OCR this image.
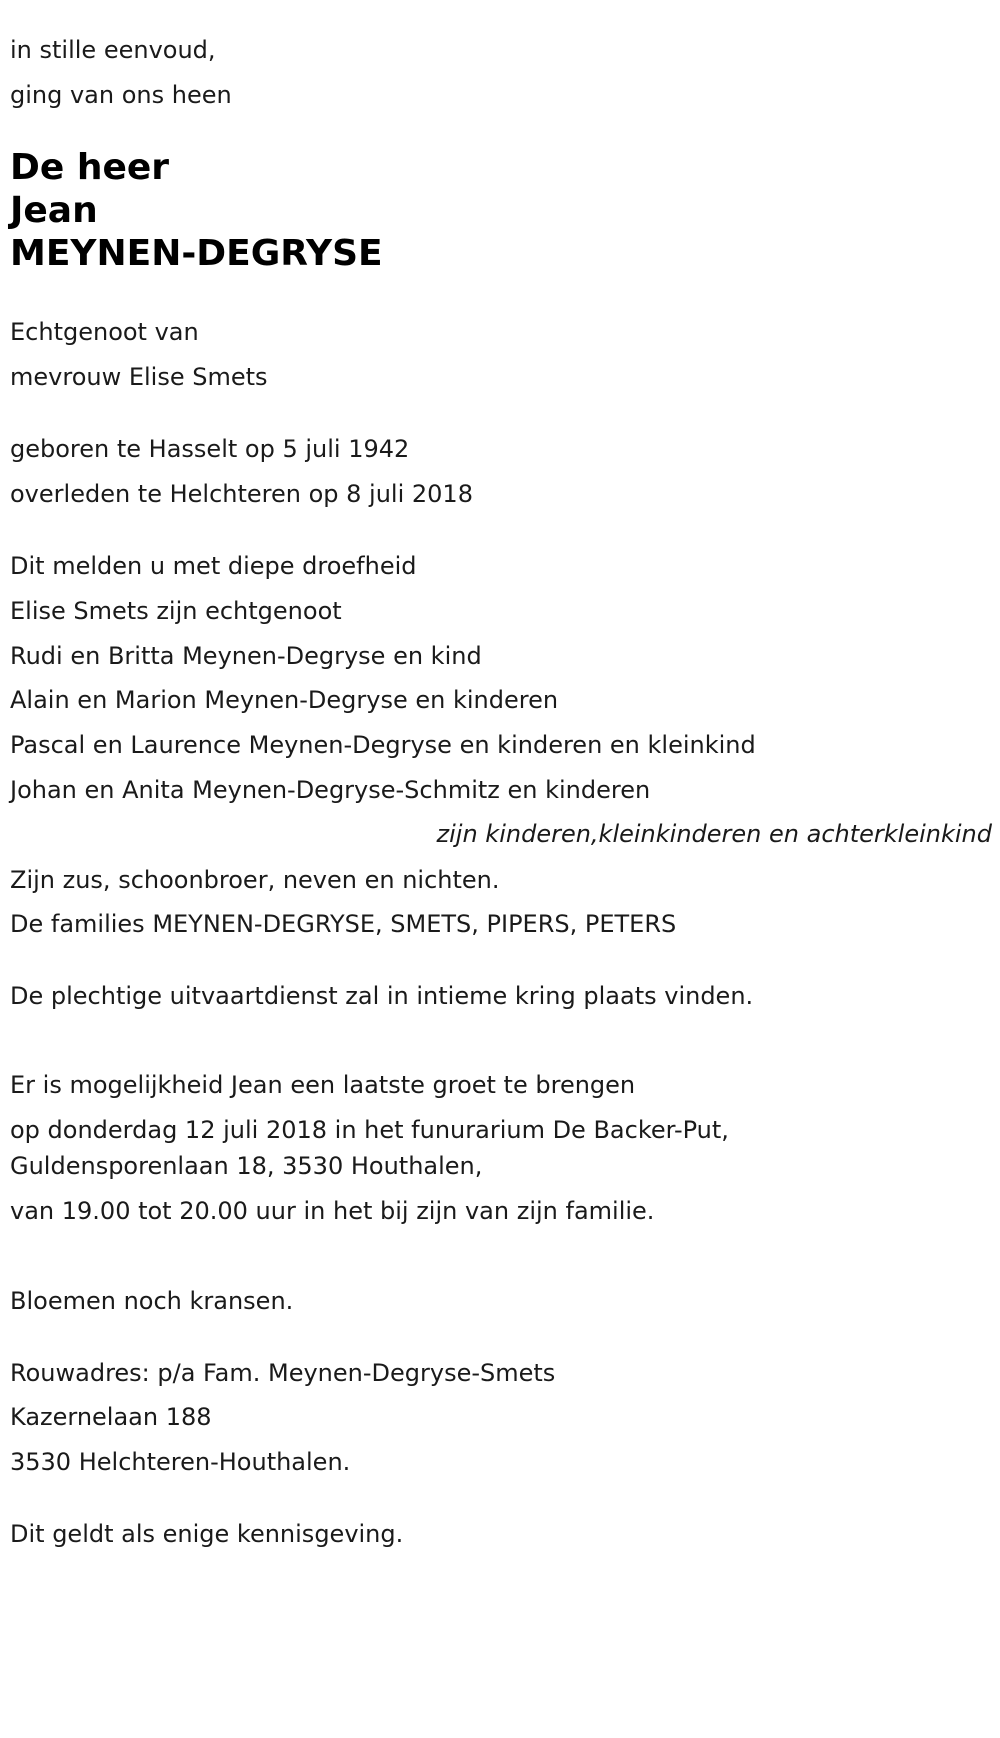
in stille eenvoud,
ging van ons heen
De heer
Jean
MEYNEN-DEGRYSE
Echtgenoot van
mevrouw Elise Smets
geboren te Hasselt op 5 juli 1942
overleden te Helchteren op 8 juli 2018
Dit melden u met diepe droefheid
Elise Smets zijn echtgenoot
Rudi en Britta Meynen-Degryse en kind
Alain en Marion Meynen-Degryse en kinderen
Pascal en Laurence Meynen-Degryse en kinderen en kleinkind
Johan en Anita Meynen-Degryse-Schmitz en kinderen
zijn kinderen,kleinkinderen en achterkleinkind
Zijn zus, schoonbroer, neven en nichten.
De families MEYNEN-DEGRYSE, SMETS, PIPERS, PETERS
De plechtige uitvaartdienst zal in intieme kring plaats vinden.
Er is mogelijkheid Jean een laatste groet te brengen
op donderdag 12 juli 2018 in het funurarium De Backer-Put,
Guldensporenlaan 18, 3530 Houthalen,
van 19.00 tot 20.00 uur in het bij zijn van zijn familie.
Bloemen noch kransen.
Rouwadres: p/a Fam. Meynen-Degryse-Smets
Kazernelaan 188
3530 Helchteren-Houthalen.
Dit geldt als enige kennisgeving.
